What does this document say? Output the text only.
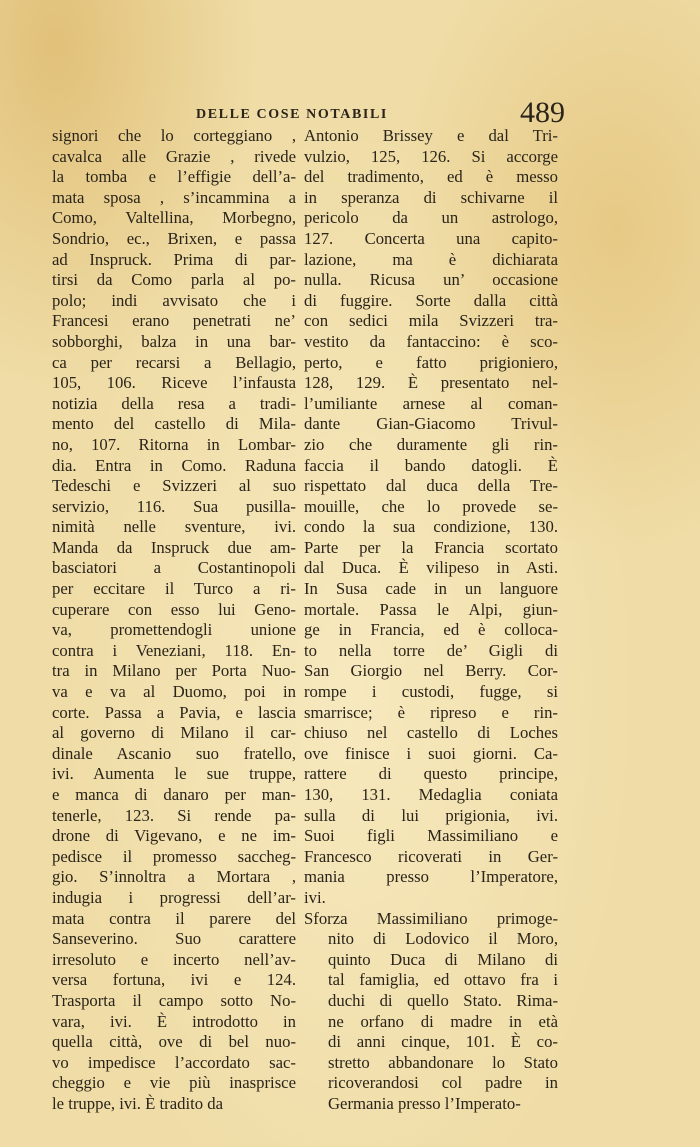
DELLE COSE NOTABILI	489
signori che lo corteggiano ,
cavalca alle Grazie , rivede
la tomba e l’effigie dell’a-
mata sposa , s’incammina a
Como, Valtellina, Morbegno,
Sondrio, ec., Brixen, e passa
ad Inspruck. Prima di par-
tirsi da Como parla al po-
polo; indi avvisato che i
Francesi erano penetrati ne’
sobborghi, balza in una bar-
ca per recarsi a Bellagio,
105, 106. Riceve l’infausta
notizia della resa a tradi-
mento del castello di Mila-
no, 107. Ritorna in Lombar-
dia. Entra in Como. Raduna
Tedeschi e Svizzeri al suo
servizio, 116. Sua pusilla-
nimità nelle sventure, ivi.
Manda da Inspruck due am-
basciatori a Costantinopoli
per eccitare il Turco a ri-
cuperare con esso lui Geno-
va, promettendogli unione
contra i Veneziani, 118. En-
tra in Milano per Porta Nuo-
va e va al Duomo, poi in
corte. Passa a Pavia, e lascia
al governo di Milano il car-
dinale Ascanio suo fratello,
ivi. Aumenta le sue truppe,
e manca di danaro per man-
tenerle, 123. Si rende pa-
drone di Vigevano, e ne im-
pedisce il promesso saccheg-
gio. S’innoltra a Mortara ,
indugia i progressi dell’ar-
mata contra il parere del
Sanseverino. Suo carattere
irresoluto e incerto nell’av-
versa fortuna, ivi e 124.
Trasporta il campo sotto No-
vara, ivi. È introdotto in
quella città, ove di bel nuo-
vo impedisce l’accordato sac-
cheggio e vie più inasprisce
le truppe, ivi. È tradito da
Antonio Brissey e dal Tri-
vulzio, 125, 126. Si accorge
del tradimento, ed è messo
in speranza di schivarne il
pericolo da un astrologo,
127. Concerta una capito-
lazione, ma è dichiarata
nulla. Ricusa un’ occasione
di fuggire. Sorte dalla città
con sedici mila Svizzeri tra-
vestito da fantaccino: è sco-
perto, e fatto prigioniero,
128, 129. È presentato nel-
l’umiliante arnese al coman-
dante Gian-Giacomo Trivul-
zio che duramente gli rin-
faccia il bando datogli. È
rispettato dal duca della Tre-
mouille, che lo provede se-
condo la sua condizione, 130.
Parte per la Francia scortato
dal Duca. È vilipeso in Asti.
In Susa cade in un languore
mortale. Passa le Alpi, giun-
ge in Francia, ed è colloca-
to nella torre de’ Gigli di
San Giorgio nel Berry. Cor-
rompe i custodi, fugge, si
smarrisce; è ripreso e rin-
chiuso nel castello di Loches
ove finisce i suoi giorni. Ca-
rattere di questo principe,
130, 131. Medaglia coniata
sulla di lui prigionia, ivi.
Suoi figli Massimiliano e
Francesco ricoverati in Ger-
mania presso l’Imperatore,
ivi.
Sforza Massimiliano primoge-
nito di Lodovico il Moro,
quinto Duca di Milano di
tal famiglia, ed ottavo fra i
duchi di quello Stato. Rima-
ne orfano di madre in età
di anni cinque, 101. È co-
stretto abbandonare lo Stato
ricoverandosi col padre in
Germania presso l’Imperato-
